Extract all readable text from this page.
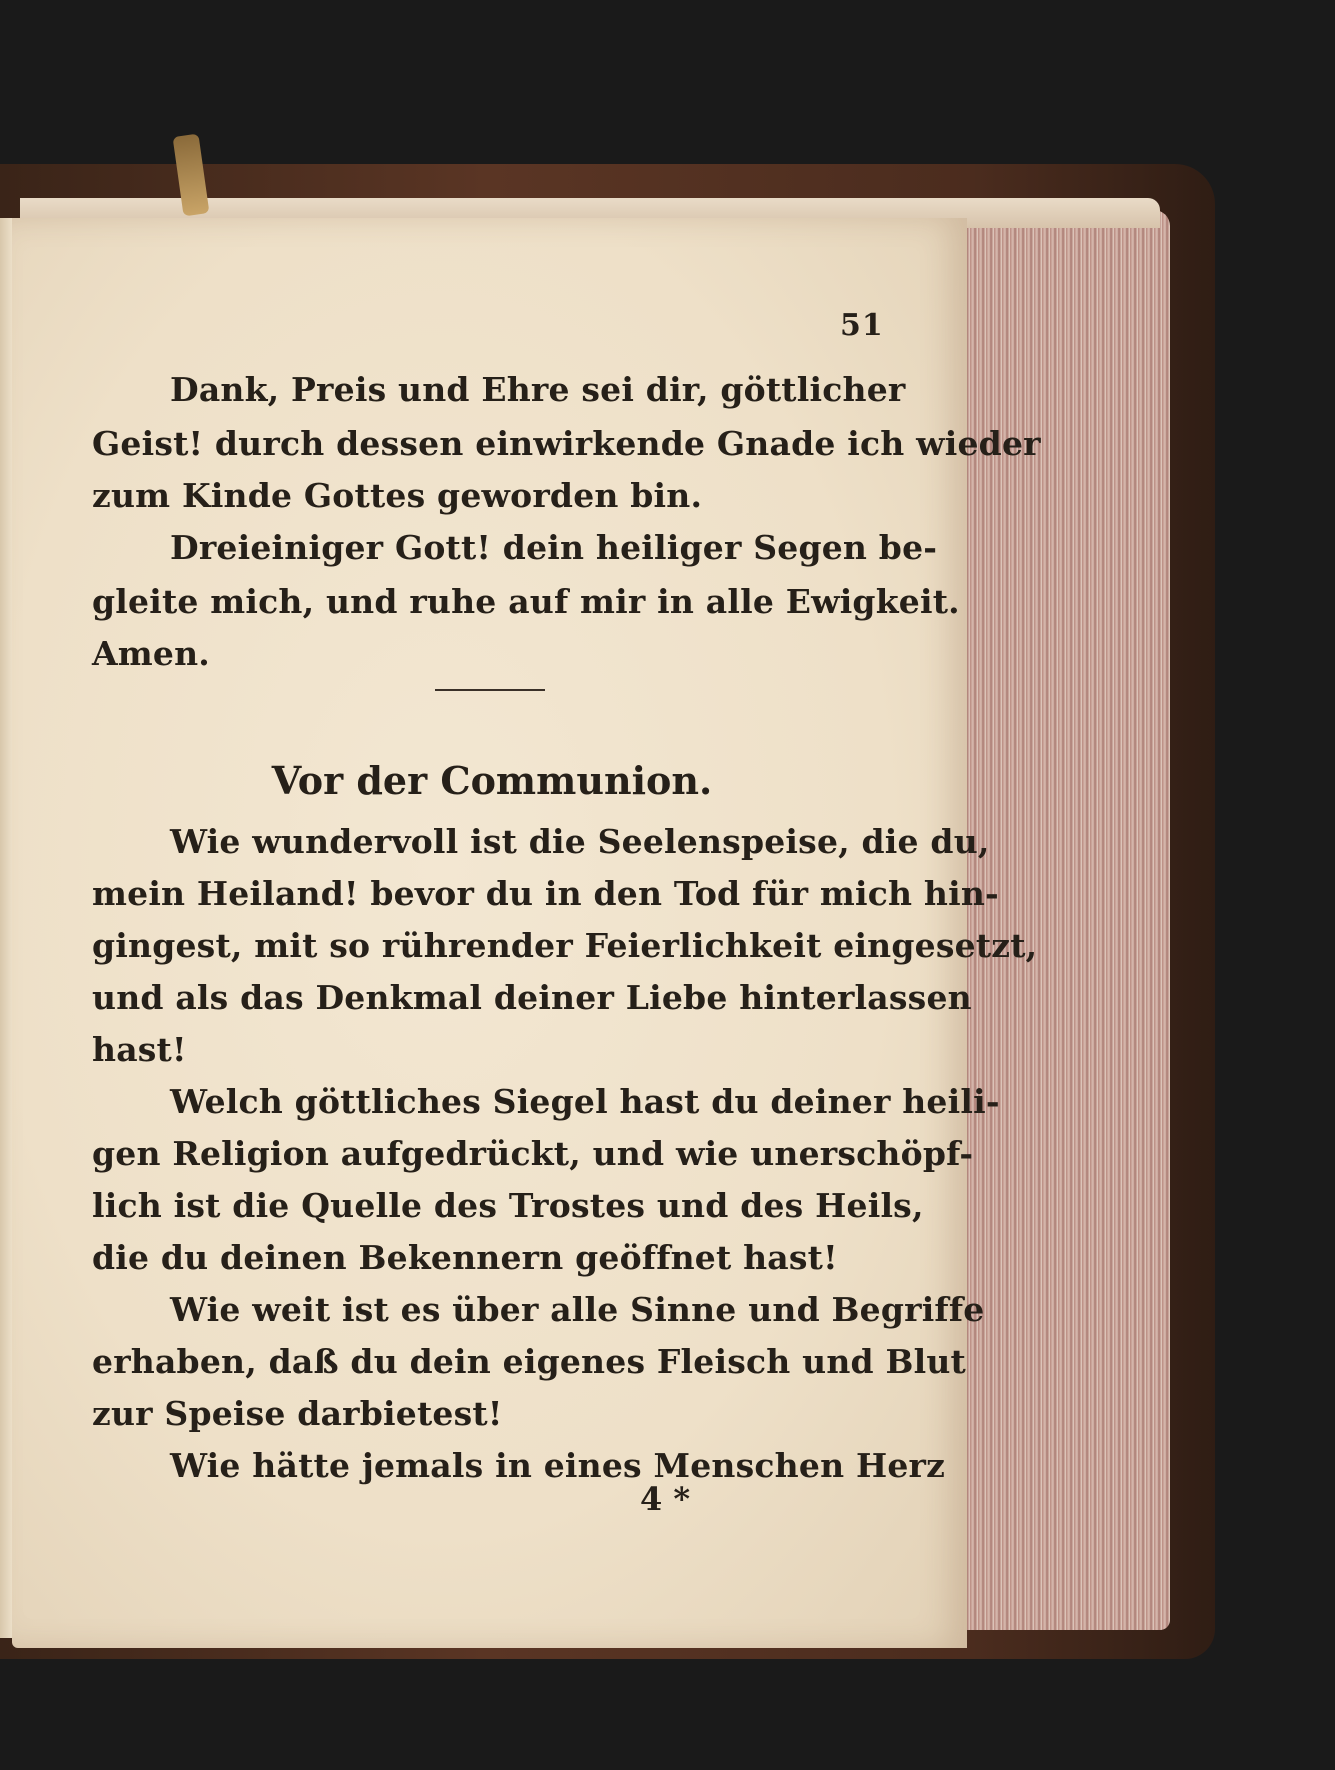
51
Dank, Preis und Ehre sei dir, göttlicher
Geist! durch dessen einwirkende Gnade ich wieder
zum Kinde Gottes geworden bin.
Dreieiniger Gott! dein heiliger Segen be-
gleite mich, und ruhe auf mir in alle Ewigkeit.
Amen.
Vor der Communion.
Wie wundervoll ist die Seelenspeise, die du,
mein Heiland! bevor du in den Tod für mich hin-
gingest, mit so rührender Feierlichkeit eingesetzt,
und als das Denkmal deiner Liebe hinterlassen
hast!
Welch göttliches Siegel hast du deiner heili-
gen Religion aufgedrückt, und wie unerschöpf-
lich ist die Quelle des Trostes und des Heils,
die du deinen Bekennern geöffnet hast!
Wie weit ist es über alle Sinne und Begriffe
erhaben, daß du dein eigenes Fleisch und Blut
zur Speise darbietest!
Wie hätte jemals in eines Menschen Herz
4 *
